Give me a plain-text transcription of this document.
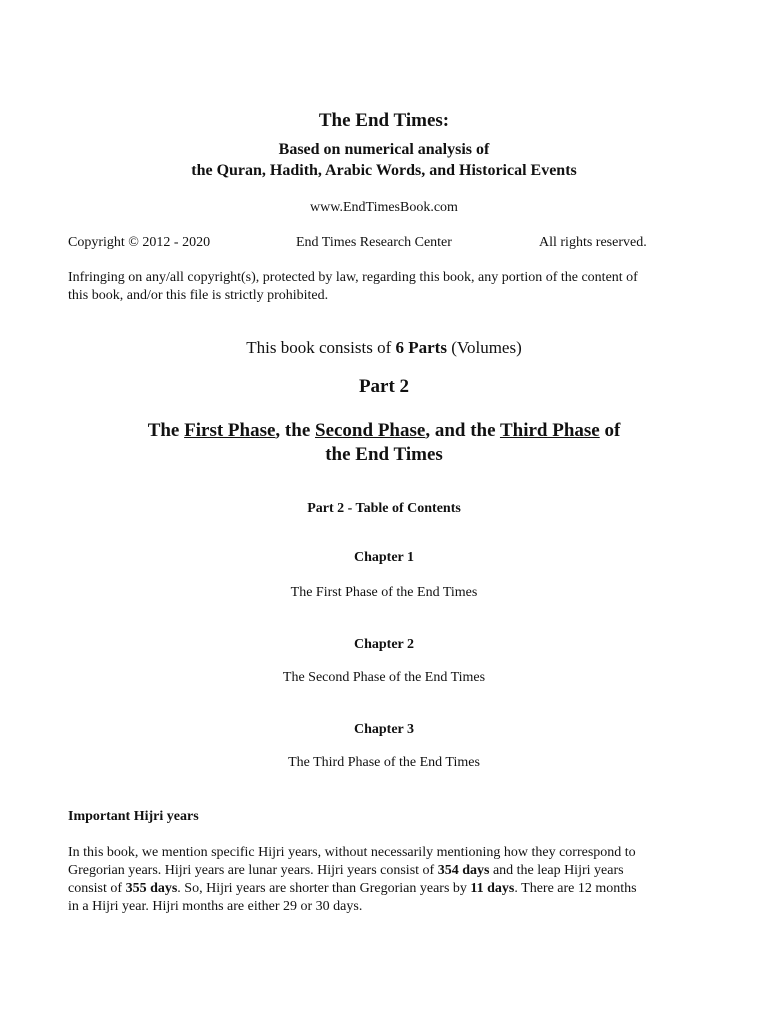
The End Times:
Based on numerical analysis of
the Quran, Hadith, Arabic Words, and Historical Events
www.EndTimesBook.com
Copyright © 2012 - 2020	End Times Research Center	All rights reserved.
Infringing on any/all copyright(s), protected by law, regarding this book, any portion of the content of
this book, and/or this file is strictly prohibited.
This book consists of 6 Parts (Volumes)
Part 2
The First Phase, the Second Phase, and the Third Phase of
the End Times
Part 2 - Table of Contents
Chapter 1
The First Phase of the End Times
Chapter 2
The Second Phase of the End Times
Chapter 3
The Third Phase of the End Times
Important Hijri years
In this book, we mention specific Hijri years, without necessarily mentioning how they correspond to
Gregorian years. Hijri years are lunar years. Hijri years consist of 354 days and the leap Hijri years
consist of 355 days. So, Hijri years are shorter than Gregorian years by 11 days. There are 12 months
in a Hijri year. Hijri months are either 29 or 30 days.
